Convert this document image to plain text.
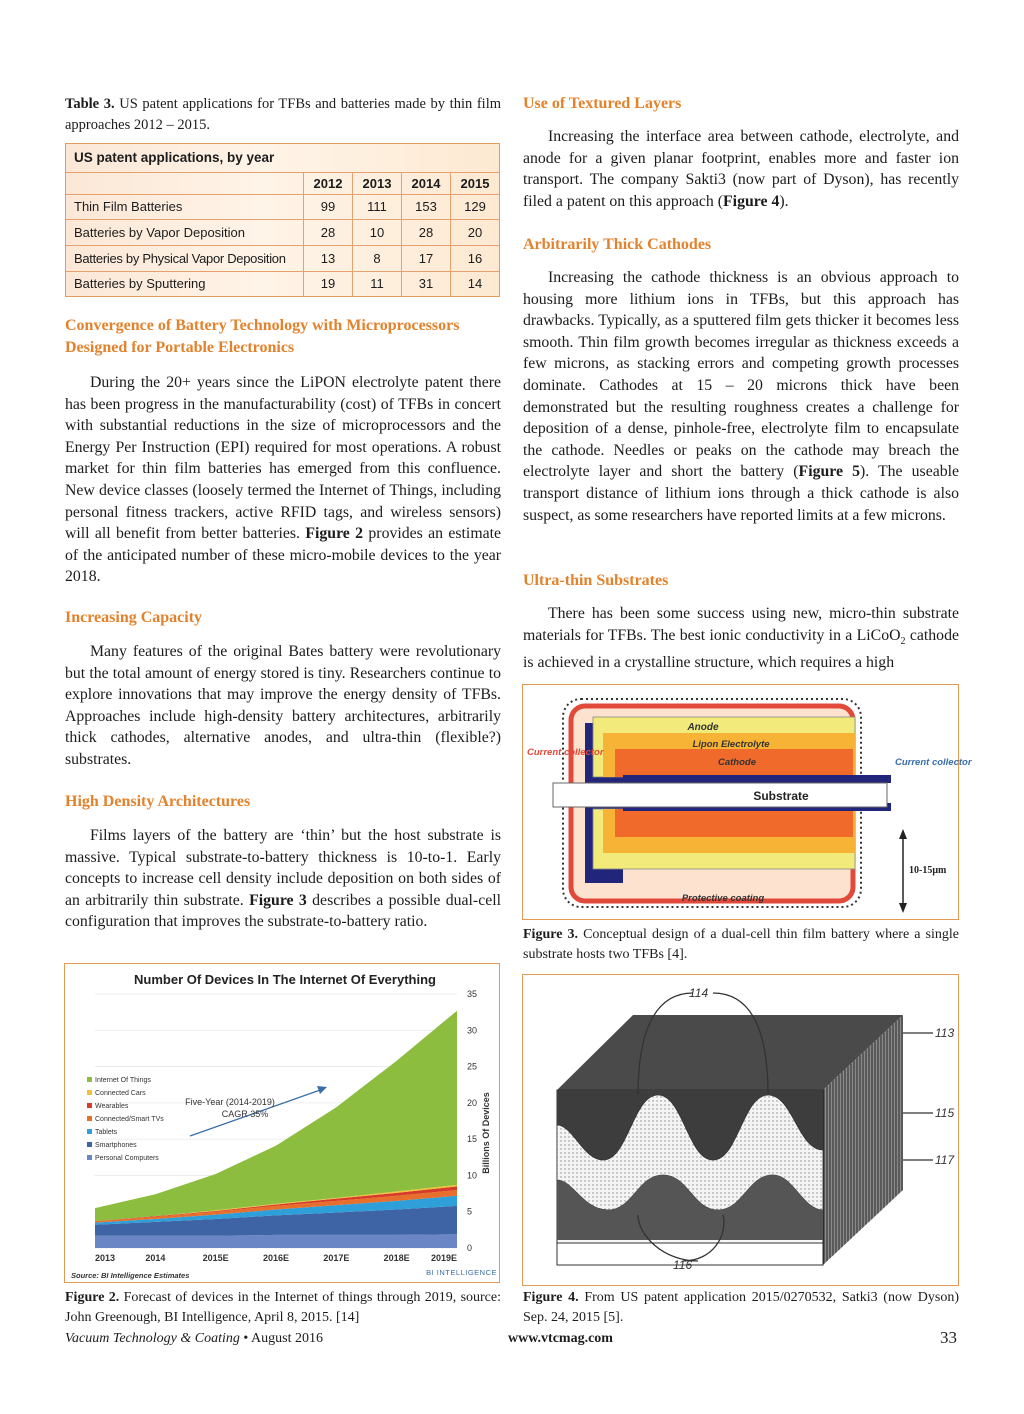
Table 3. US patent applications for TFBs and batteries made by thin film approaches 2012 – 2015.
US patent applications, by year				
	2012	2013	2014	2015
Thin Film Batteries	99	111	153	129
Batteries by Vapor Deposition	28	10	28	20
Batteries by Physical Vapor Deposition	13	8	17	16
Batteries by Sputtering	19	11	31	14
Convergence of Battery Technology with Microprocessors Designed for Portable Electronics

During the 20+ years since the LiPON electrolyte patent there has been progress in the manufacturability (cost) of TFBs in concert with substantial reductions in the size of microprocessors and the Energy Per Instruction (EPI) required for most operations. A robust market for thin film batteries has emerged from this confluence. New device classes (loosely termed the Internet of Things, including personal fitness trackers, active RFID tags, and wireless sensors) will all benefit from better batteries. Figure 2 provides an estimate of the anticipated number of these micro-mobile devices to the year 2018.

Increasing Capacity

Many features of the original Bates battery were revolutionary but the total amount of energy stored is tiny. Researchers continue to explore innovations that may improve the energy density of TFBs. Approaches include high-density battery architectures, arbitrarily thick cathodes, alternative anodes, and ultra-thin (flexible?) substrates.

High Density Architectures

Films layers of the battery are ‘thin’ but the host substrate is massive. Typical substrate-to-battery thickness is 10-to-1. Early concepts to increase cell density include deposition on both sides of an arbitrarily thin substrate. Figure 3 describes a possible dual-cell configuration that improves the substrate-to-battery ratio.

Number Of Devices In The Internet Of Everything
0
5
10
15
20
25
30
35
2013	2014	2015E	2016E	2017E	2018E 2019E
Internet Of Things
Connected Cars
Wearables
Connected/Smart TVs
Tablets
Smartphones
Personal Computers	Billions Of Devices
Five-Year (2014-2019)
CAGR 35%
Source: BI Intelligence Estimates	BI INTELLIGENCE
Figure 2. Forecast of devices in the Internet of things through 2019, source: John Greenough, BI Intelligence, April 8, 2015. [14]
Use of Textured Layers

Increasing the interface area between cathode, electrolyte, and anode for a given planar footprint, enables more and faster ion transport. The company Sakti3 (now part of Dyson), has recently filed a patent on this approach (Figure 4).

Arbitrarily Thick Cathodes

Increasing the cathode thickness is an obvious approach to housing more lithium ions in TFBs, but this approach has drawbacks. Typically, as a sputtered film gets thicker it becomes less smooth. Thin film growth becomes irregular as thickness exceeds a few microns, as stacking errors and competing growth processes dominate. Cathodes at 15 – 20 microns thick have been demonstrated but the resulting roughness creates a challenge for deposition of a dense, pinhole-free, electrolyte film to encapsulate the cathode. Needles or peaks on the cathode may breach the electrolyte layer and short the battery (Figure 5). The useable transport distance of lithium ions through a thick cathode is also suspect, as some researchers have reported limits at a few microns.

Ultra-thin Substrates

There has been some success using new, micro-thin substrate materials for TFBs. The best ionic conductivity in a LiCoO$_2$ cathode is achieved in a crystalline structure, which requires a high

Substrate
Anode
Lipon Electrolyte
Cathode
Current collector
Current collector
Protective coating
10-15μm
Figure 3. Conceptual design of a dual-cell thin film battery where a single substrate hosts two TFBs [4].
114
113
115
117
116
Figure 4. From US patent application 2015/0270532, Satki3 (now Dyson) Sep. 24, 2015 [5].
Vacuum Technology & Coating • August 2016	www.vtcmag.com	33
